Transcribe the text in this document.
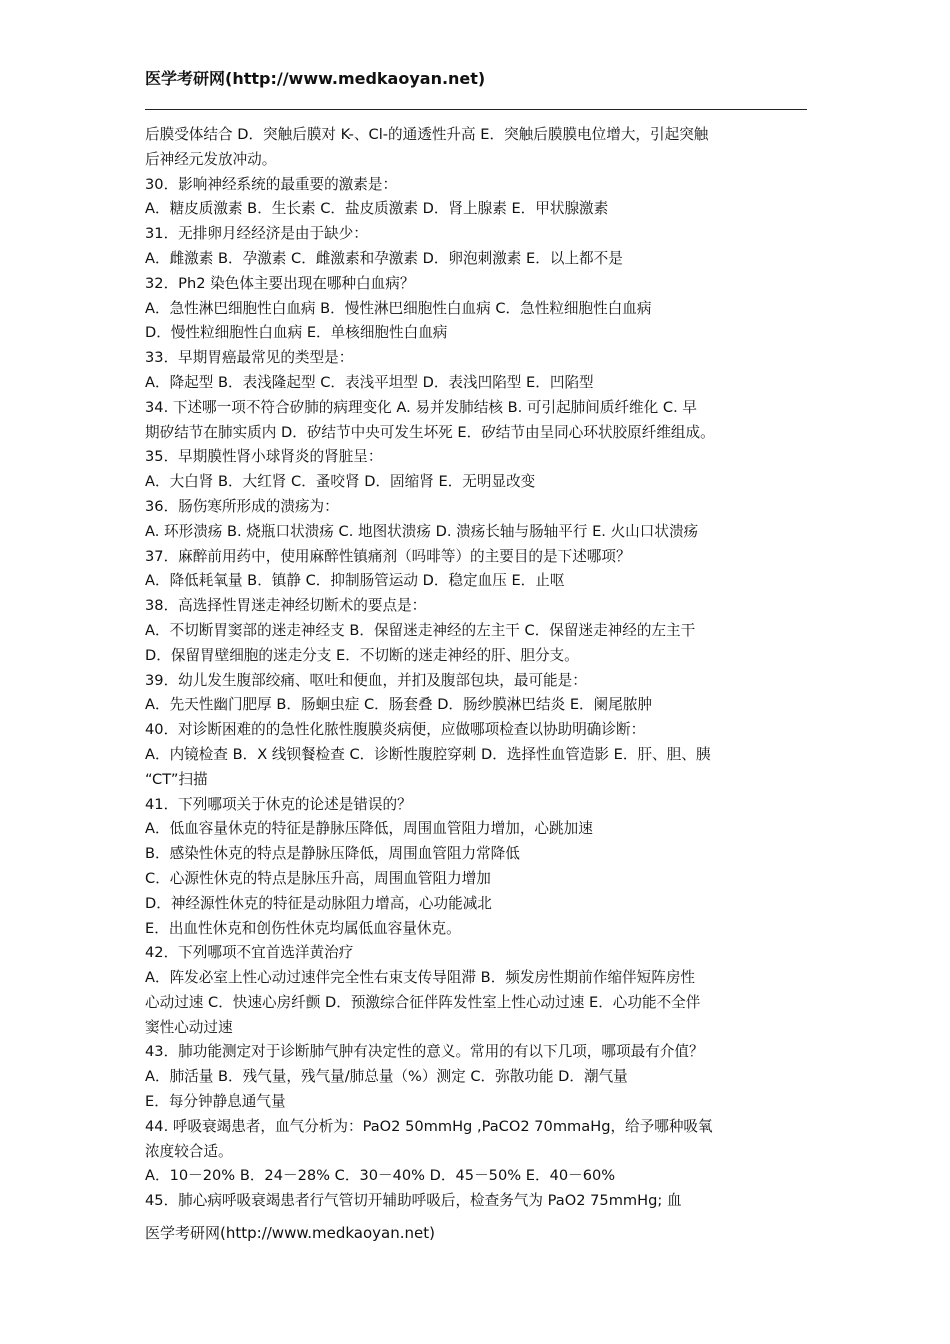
医学考研网(http://www.medkaoyan.net)
后膜受体结合 D．突触后膜对 K-、Cl-的通透性升高 E．突触后膜膜电位增大，引起突触
后神经元发放冲动。
30．影响神经系统的最重要的激素是：
A．糖皮质激素 B．生长素 C．盐皮质激素 D．肾上腺素 E．甲状腺激素
31．无排卵月经经济是由于缺少：
A．雌激素 B．孕激素 C．雌激素和孕激素 D．卵泡刺激素 E．以上都不是
32．Ph2 染色体主要出现在哪种白血病？
A．急性淋巴细胞性白血病 B．慢性淋巴细胞性白血病 C．急性粒细胞性白血病
D．慢性粒细胞性白血病 E．单核细胞性白血病
33．早期胃癌最常见的类型是：
A．降起型 B．表浅隆起型 C．表浅平坦型 D．表浅凹陷型 E．凹陷型
34. 下述哪一项不符合矽肺的病理变化 A. 易并发肺结核 B. 可引起肺间质纤维化 C. 早
期矽结节在肺实质内 D．矽结节中央可发生坏死 E．矽结节由呈同心环状胶原纤维组成。
35．早期膜性肾小球肾炎的肾脏呈：
A．大白肾 B．大红肾 C．蚤咬肾 D．固缩肾 E．无明显改变
36．肠伤寒所形成的溃疡为：
A. 环形溃疡 B. 烧瓶口状溃疡 C. 地图状溃疡 D. 溃疡长轴与肠轴平行 E. 火山口状溃疡
37．麻醉前用药中，使用麻醉性镇痛剂（吗啡等）的主要目的是下述哪项？
A．降低耗氧量 B．镇静 C．抑制肠管运动 D．稳定血压 E．止呕
38．高选择性胃迷走神经切断术的要点是：
A．不切断胃窦部的迷走神经支 B．保留迷走神经的左主干 C．保留迷走神经的左主干
D．保留胃壁细胞的迷走分支 E．不切断的迷走神经的肝、胆分支。
39．幼儿发生腹部绞痛、呕吐和便血，并扪及腹部包块，最可能是：
A．先天性幽门肥厚 B．肠蛔虫症 C．肠套叠 D．肠纱膜淋巴结炎 E．阑尾脓肿
40．对诊断困难的的急性化脓性腹膜炎病便，应做哪项检查以协助明确诊断：
A．内镜检查 B．X 线钡餐检查 C．诊断性腹腔穿刺 D．选择性血管造影 E．肝、胆、胰
“CT”扫描
41．下列哪项关于休克的论述是错误的？
A．低血容量休克的特征是静脉压降低，周围血管阻力增加，心跳加速
B．感染性休克的特点是静脉压降低，周围血管阻力常降低
C．心源性休克的特点是脉压升高，周围血管阻力增加
D．神经源性休克的特征是动脉阻力增高，心功能减北
E．出血性休克和创伤性休克均属低血容量休克。
42．下列哪项不宜首选洋黄治疗
A．阵发必室上性心动过速伴完全性右束支传导阻滞 B．频发房性期前作缩伴短阵房性
心动过速 C．快速心房纤颤 D．预激综合征伴阵发性室上性心动过速 E．心功能不全伴
窦性心动过速
43．肺功能测定对于诊断肺气肿有决定性的意义。常用的有以下几项，哪项最有介值？
A．肺活量 B．残气量，残气量/肺总量（%）测定 C．弥散功能 D．潮气量
E．每分钟静息通气量
44. 呼吸衰竭患者，血气分析为：PaO2 50mmHg ,PaCO2 70mmaHg，给予哪种吸氧
浓度较合适。
A．10－20% B．24－28% C．30－40% D．45－50% E．40－60%
45．肺心病呼吸衰竭患者行气管切开辅助呼吸后，检查务气为 PaO2 75mmHg; 血
医学考研网(http://www.medkaoyan.net)
